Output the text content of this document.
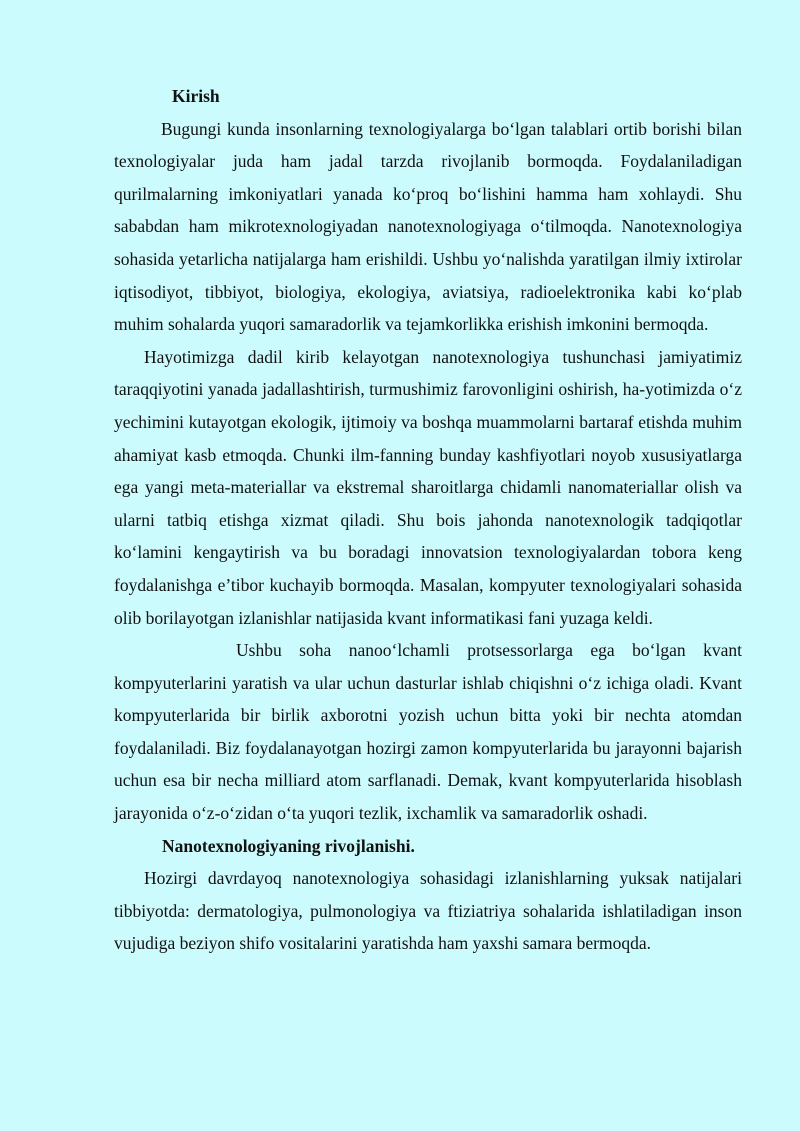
Kirish

Bugungi kunda insonlarning texnologiyalarga bo‘lgan talablari ortib borishi bilan texnologiyalar juda ham jadal tarzda rivojlanib bormoqda. Foydalaniladigan qurilmalarning imkoniyatlari yanada ko‘proq bo‘lishini hamma ham xohlaydi. Shu sababdan ham mikrotexnologiyadan nanotexnologiyaga o‘tilmoqda. Nanotexnologiya sohasida yetarlicha natijalarga ham erishildi. Ushbu yo‘nalishda yaratilgan ilmiy ixtirolar iqtisodiyot, tibbiyot, biologiya, ekologiya, aviatsiya, radioelektronika kabi ko‘plab muhim sohalarda yuqori samaradorlik va tejamkorlikka erishish imkonini bermoqda.

Hayotimizga dadil kirib kelayotgan nanotexnologiya tushunchasi jamiyatimiz taraqqiyotini yanada jadallashtirish, turmushimiz farovonligini oshirish, ha-yotimizda o‘z yechimini kutayotgan ekologik, ijtimoiy va boshqa muammolarni bartaraf etishda muhim ahamiyat kasb etmoqda. Chunki ilm-fanning bunday kashfiyotlari noyob xususiyatlarga ega yangi meta-materiallar va ekstremal sharoitlarga chidamli nanomateriallar olish va ularni tatbiq etishga xizmat qiladi. Shu bois jahonda nanotexnologik tadqiqotlar ko‘lamini kengaytirish va bu boradagi innovatsion texnologiyalardan tobora keng foydalanishga e’tibor kuchayib bormoqda. Masalan, kompyuter texnologiyalari sohasida olib borilayotgan izlanishlar natijasida kvant informatikasi fani yuzaga keldi.

Ushbu soha nanoo‘lchamli protsessorlarga ega bo‘lgan kvant kompyuterlarini yaratish va ular uchun dasturlar ishlab chiqishni o‘z ichiga oladi. Kvant kompyuterlarida bir birlik axborotni yozish uchun bitta yoki bir nechta atomdan foydalaniladi. Biz foydalanayotgan hozirgi zamon kompyuterlarida bu jarayonni bajarish uchun esa bir necha milliard atom sarflanadi. Demak, kvant kompyuterlarida hisoblash jarayonida o‘z-o‘zidan o‘ta yuqori tezlik, ixchamlik va samaradorlik oshadi.

Nanotexnologiyaning rivojlanishi.

Hozirgi davrdayoq nanotexnologiya sohasidagi izlanishlarning yuksak natijalari tibbiyotda: dermatologiya, pulmonologiya va ftiziatriya sohalarida ishlatiladigan inson vujudiga beziyon shifo vositalarini yaratishda ham yaxshi samara bermoqda.
